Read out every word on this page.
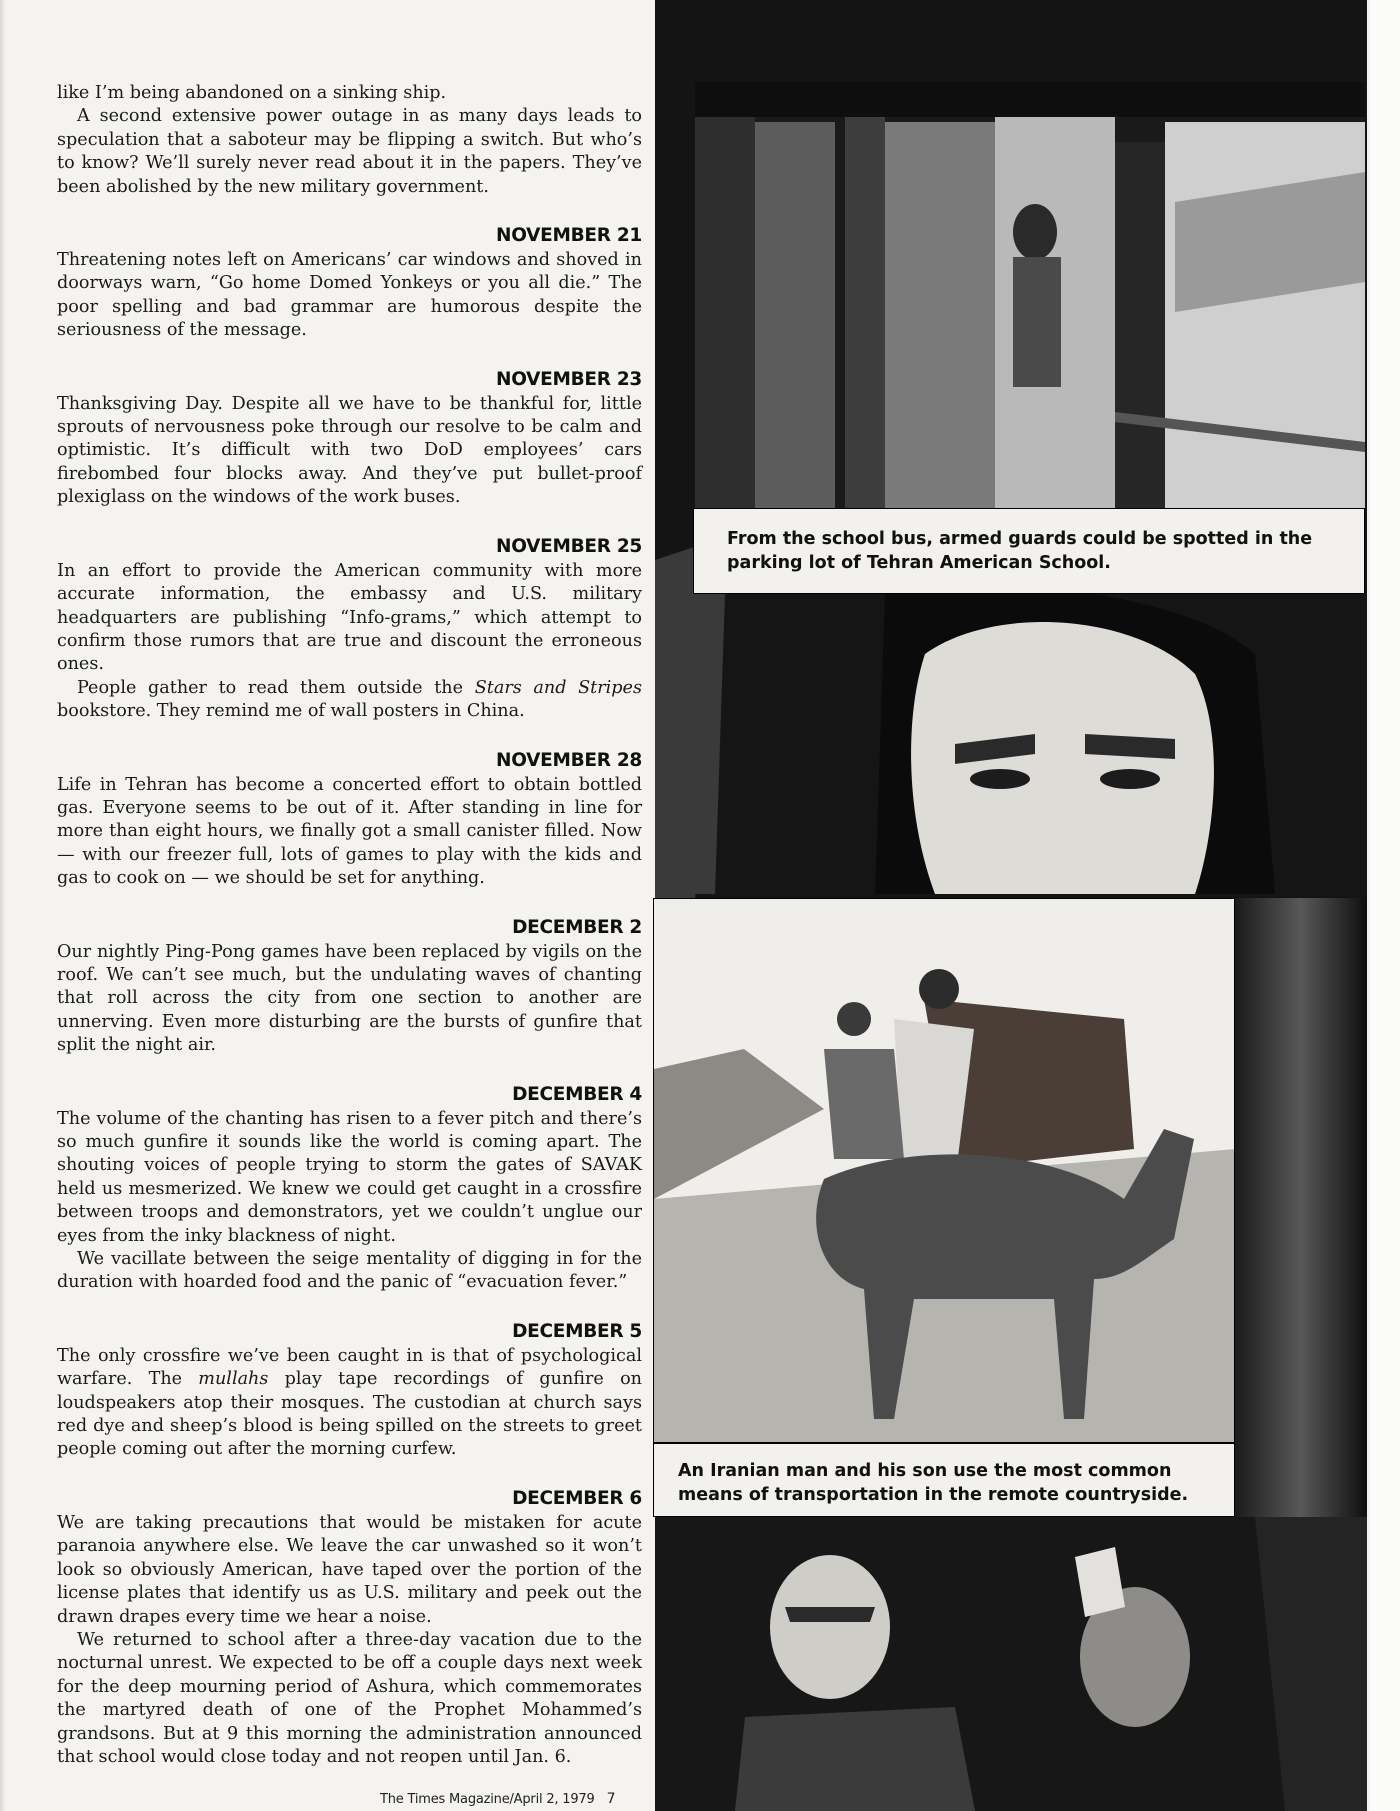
From the school bus, armed guards could be spotted in the parking lot of Tehran American School.
An Iranian man and his son use the most common means of transportation in the remote countryside.

like I’m being abandoned on a sinking ship.

A second extensive power outage in as many days leads to speculation that a saboteur may be flipping a switch. But who’s to know? We’ll surely never read about it in the papers. They’ve been abolished by the new military government.

NOVEMBER 21

Threatening notes left on Americans’ car windows and shoved in doorways warn, “Go home Domed Yonkeys or you all die.” The poor spelling and bad grammar are humorous despite the seriousness of the message.

NOVEMBER 23

Thanksgiving Day. Despite all we have to be thankful for, little sprouts of nervousness poke through our resolve to be calm and optimistic. It’s difficult with two DoD employees’ cars firebombed four blocks away. And they’ve put bullet-proof plexiglass on the windows of the work buses.

NOVEMBER 25

In an effort to provide the American community with more accurate information, the embassy and U.S. military headquarters are publishing “Info-grams,” which attempt to confirm those rumors that are true and discount the erroneous ones.

People gather to read them outside the Stars and Stripes bookstore. They remind me of wall posters in China.

NOVEMBER 28

Life in Tehran has become a concerted effort to obtain bottled gas. Everyone seems to be out of it. After standing in line for more than eight hours, we finally got a small canister filled. Now — with our freezer full, lots of games to play with the kids and gas to cook on — we should be set for anything.

DECEMBER 2

Our nightly Ping-Pong games have been replaced by vigils on the roof. We can’t see much, but the undulating waves of chanting that roll across the city from one section to another are unnerving. Even more disturbing are the bursts of gunfire that split the night air.

DECEMBER 4

The volume of the chanting has risen to a fever pitch and there’s so much gunfire it sounds like the world is coming apart. The shouting voices of people trying to storm the gates of SAVAK held us mesmerized. We knew we could get caught in a crossfire between troops and demonstrators, yet we couldn’t unglue our eyes from the inky blackness of night.

We vacillate between the seige mentality of digging in for the duration with hoarded food and the panic of “evacuation fever.”

DECEMBER 5

The only crossfire we’ve been caught in is that of psychological warfare. The mullahs play tape recordings of gunfire on loudspeakers atop their mosques. The custodian at church says red dye and sheep’s blood is being spilled on the streets to greet people coming out after the morning curfew.

DECEMBER 6

We are taking precautions that would be mistaken for acute paranoia anywhere else. We leave the car unwashed so it won’t look so obviously American, have taped over the portion of the license plates that identify us as U.S. military and peek out the drawn drapes every time we hear a noise.

We returned to school after a three-day vacation due to the nocturnal unrest. We expected to be off a couple days next week for the deep mourning period of Ashura, which commemorates the martyred death of one of the Prophet Mohammed’s grandsons. But at 9 this morning the administration announced that school would close today and not reopen until Jan. 6.

The Times Magazine/April 2, 1979 7
